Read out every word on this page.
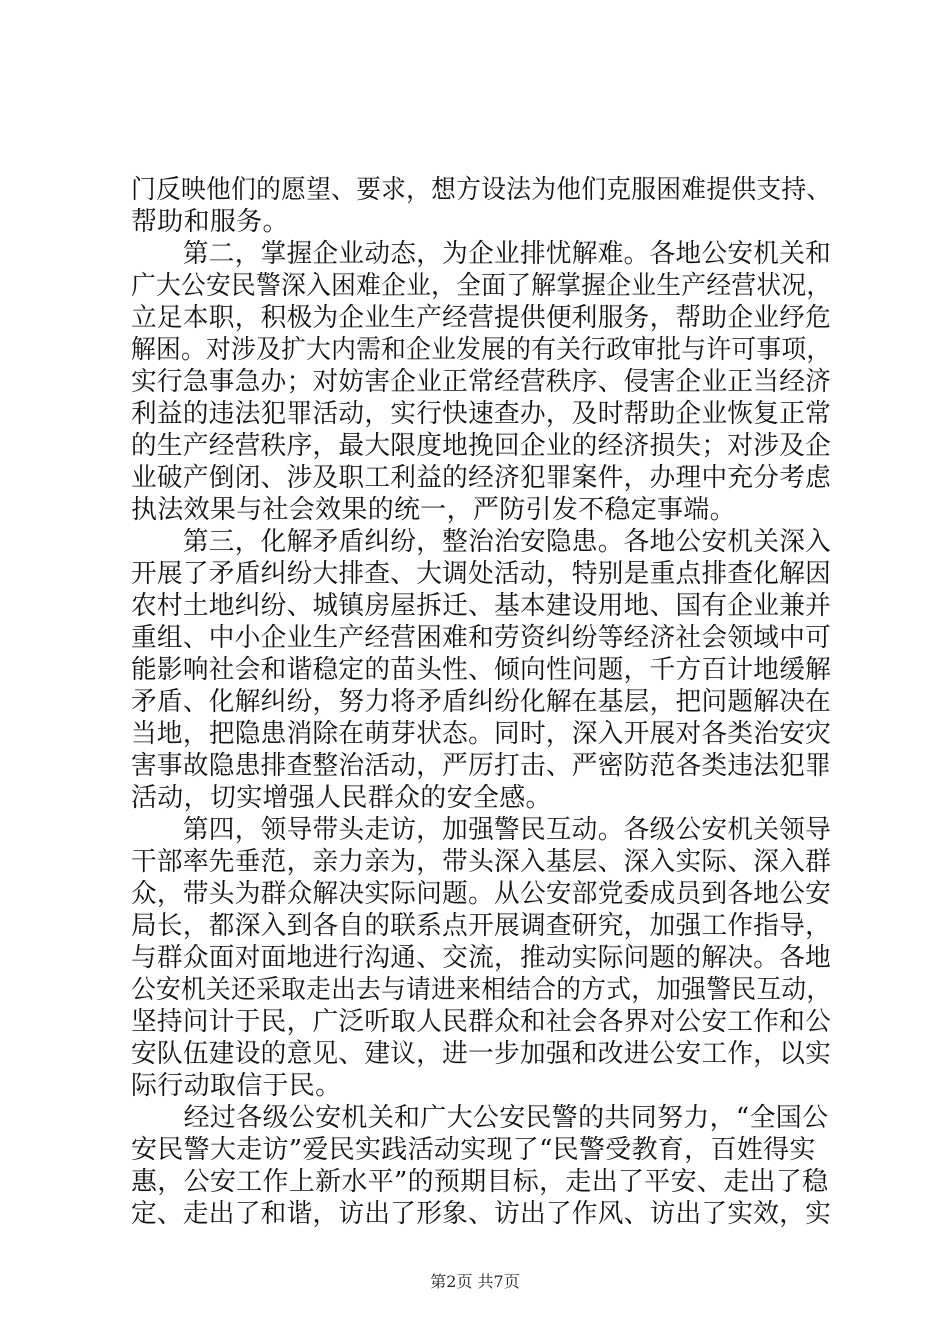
门反映他们的愿望、要求，想方设法为他们克服困难提供支持、
帮助和服务。
　　第二，掌握企业动态，为企业排忧解难。各地公安机关和
广大公安民警深入困难企业，全面了解掌握企业生产经营状况，
立足本职，积极为企业生产经营提供便利服务，帮助企业纾危
解困。对涉及扩大内需和企业发展的有关行政审批与许可事项，
实行急事急办；对妨害企业正常经营秩序、侵害企业正当经济
利益的违法犯罪活动，实行快速查办，及时帮助企业恢复正常
的生产经营秩序，最大限度地挽回企业的经济损失；对涉及企
业破产倒闭、涉及职工利益的经济犯罪案件，办理中充分考虑
执法效果与社会效果的统一，严防引发不稳定事端。
　　第三，化解矛盾纠纷，整治治安隐患。各地公安机关深入
开展了矛盾纠纷大排查、大调处活动，特别是重点排查化解因
农村土地纠纷、城镇房屋拆迁、基本建设用地、国有企业兼并
重组、中小企业生产经营困难和劳资纠纷等经济社会领域中可
能影响社会和谐稳定的苗头性、倾向性问题，千方百计地缓解
矛盾、化解纠纷，努力将矛盾纠纷化解在基层，把问题解决在
当地，把隐患消除在萌芽状态。同时，深入开展对各类治安灾
害事故隐患排查整治活动，严厉打击、严密防范各类违法犯罪
活动，切实增强人民群众的安全感。
　　第四，领导带头走访，加强警民互动。各级公安机关领导
干部率先垂范，亲力亲为，带头深入基层、深入实际、深入群
众，带头为群众解决实际问题。从公安部党委成员到各地公安
局长，都深入到各自的联系点开展调查研究，加强工作指导，
与群众面对面地进行沟通、交流，推动实际问题的解决。各地
公安机关还采取走出去与请进来相结合的方式，加强警民互动，
坚持问计于民，广泛听取人民群众和社会各界对公安工作和公
安队伍建设的意见、建议，进一步加强和改进公安工作，以实
际行动取信于民。
　　经过各级公安机关和广大公安民警的共同努力，“全国公
安民警大走访”爱民实践活动实现了“民警受教育，百姓得实
惠，公安工作上新水平”的预期目标，走出了平安、走出了稳
定、走出了和谐，访出了形象、访出了作风、访出了实效，实
第2页 共7页
